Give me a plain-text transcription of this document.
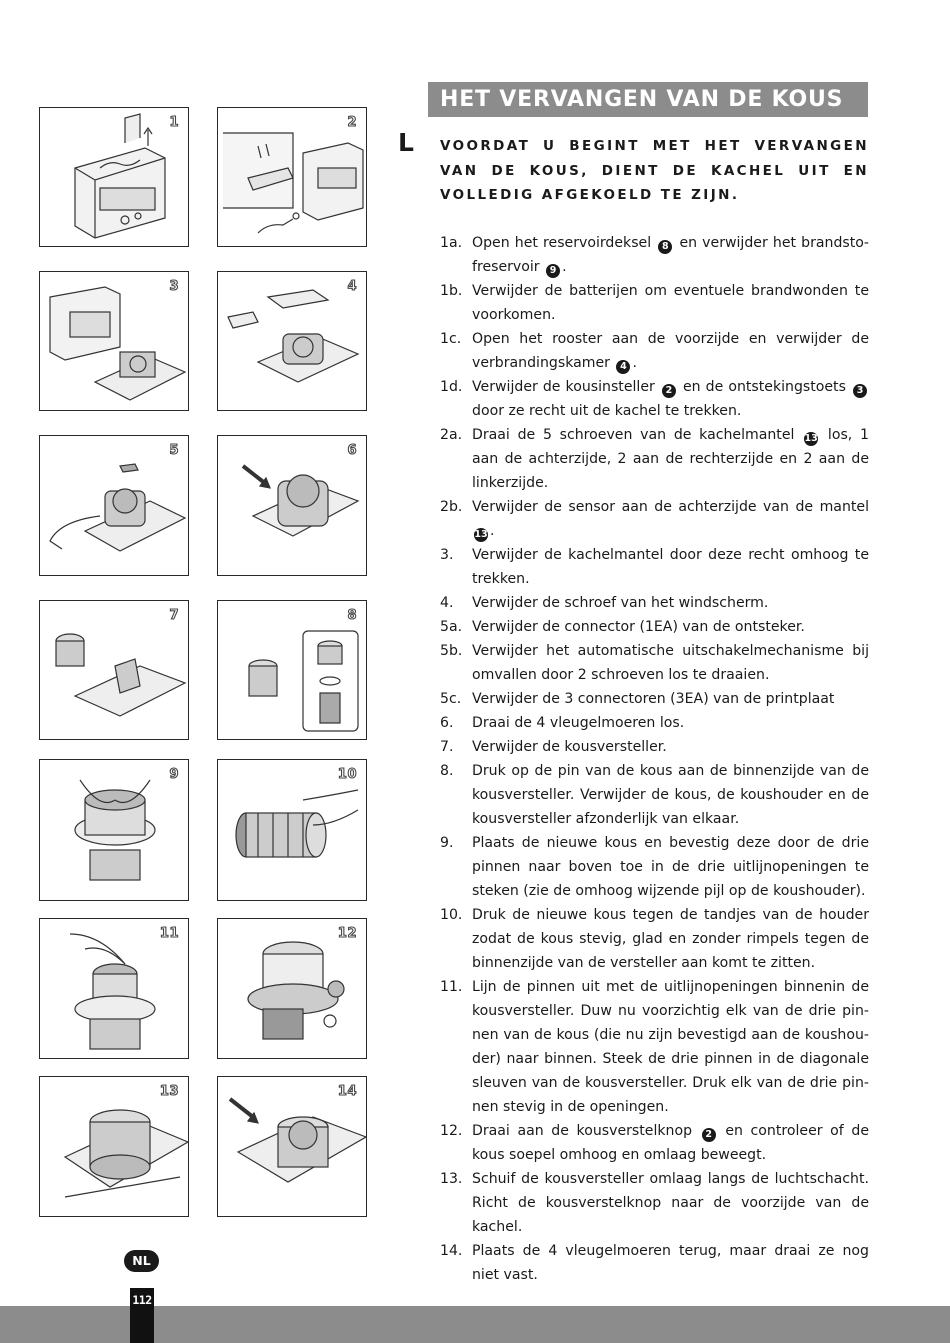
1	2
3	4
5	6
7	8
9	10
11	12
13	14
HET VERVANGEN VAN DE KOUS
L VOORDAT U BEGINT MET HET VERVANGEN VAN DE KOUS, DIENT DE KACHEL UIT EN VOLLEDIG AFGEKOELD TE ZIJN.
1a. Open het reservoirdeksel 8 en verwijder het brandstofreservoir 9 .
1b. Verwijder de batterijen om eventuele brandwonden te voorkomen.
1c. Open het rooster aan de voorzijde en verwijder de verbrandingskamer 4 .
1d. Verwijder de kousinsteller 2 en de ontstekingstoets 3 door ze recht uit de kachel te trekken.
2a. Draai de 5 schroeven van de kachelmantel 13 los, 1 aan de achterzijde, 2 aan de rechterzijde en 2 aan de linkerzijde.
2b. Verwijder de sensor aan de achterzijde van de mantel 13 .
3. Verwijder de kachelmantel door deze recht omhoog te trekken.
4. Verwijder de schroef van het windscherm.
5a. Verwijder de connector (1EA) van de ontsteker.
5b. Verwijder het automatische uitschakelmechanisme bij omvallen door 2 schroeven los te draaien.
5c. Verwijder de 3 connectoren (3EA) van de printplaat
6. Draai de 4 vleugelmoeren los.
7. Verwijder de kousversteller.
8. Druk op de pin van de kous aan de binnenzijde van de kousversteller. Verwijder de kous, de koushouder en de kousversteller afzonderlijk van elkaar.
9. Plaats de nieuwe kous en bevestig deze door de drie pinnen naar boven toe in de drie uitlijnopeningen te steken (zie de omhoog wijzende pijl op de koushouder).
10. Druk de nieuwe kous tegen de tandjes van de houder zodat de kous stevig, glad en zonder rimpels tegen de binnenzijde van de versteller aan komt te zitten.
11. Lijn de pinnen uit met de uitlijnopeningen binnenin de kousversteller. Duw nu voorzichtig elk van de drie pinnen van de kous (die nu zijn bevestigd aan de koushouder) naar binnen. Steek de drie pinnen in de diagonale sleuven van de kousversteller. Druk elk van de drie pinnen stevig in de openingen.
12. Draai aan de kousverstelknop 2 en controleer of de kous soepel omhoog en omlaag beweegt.
13. Schuif de kousversteller omlaag langs de luchtschacht. Richt de kousverstelknop naar de voorzijde van de kachel.
14. Plaats de 4 vleugelmoeren terug, maar draai ze nog niet vast.
NL
112
